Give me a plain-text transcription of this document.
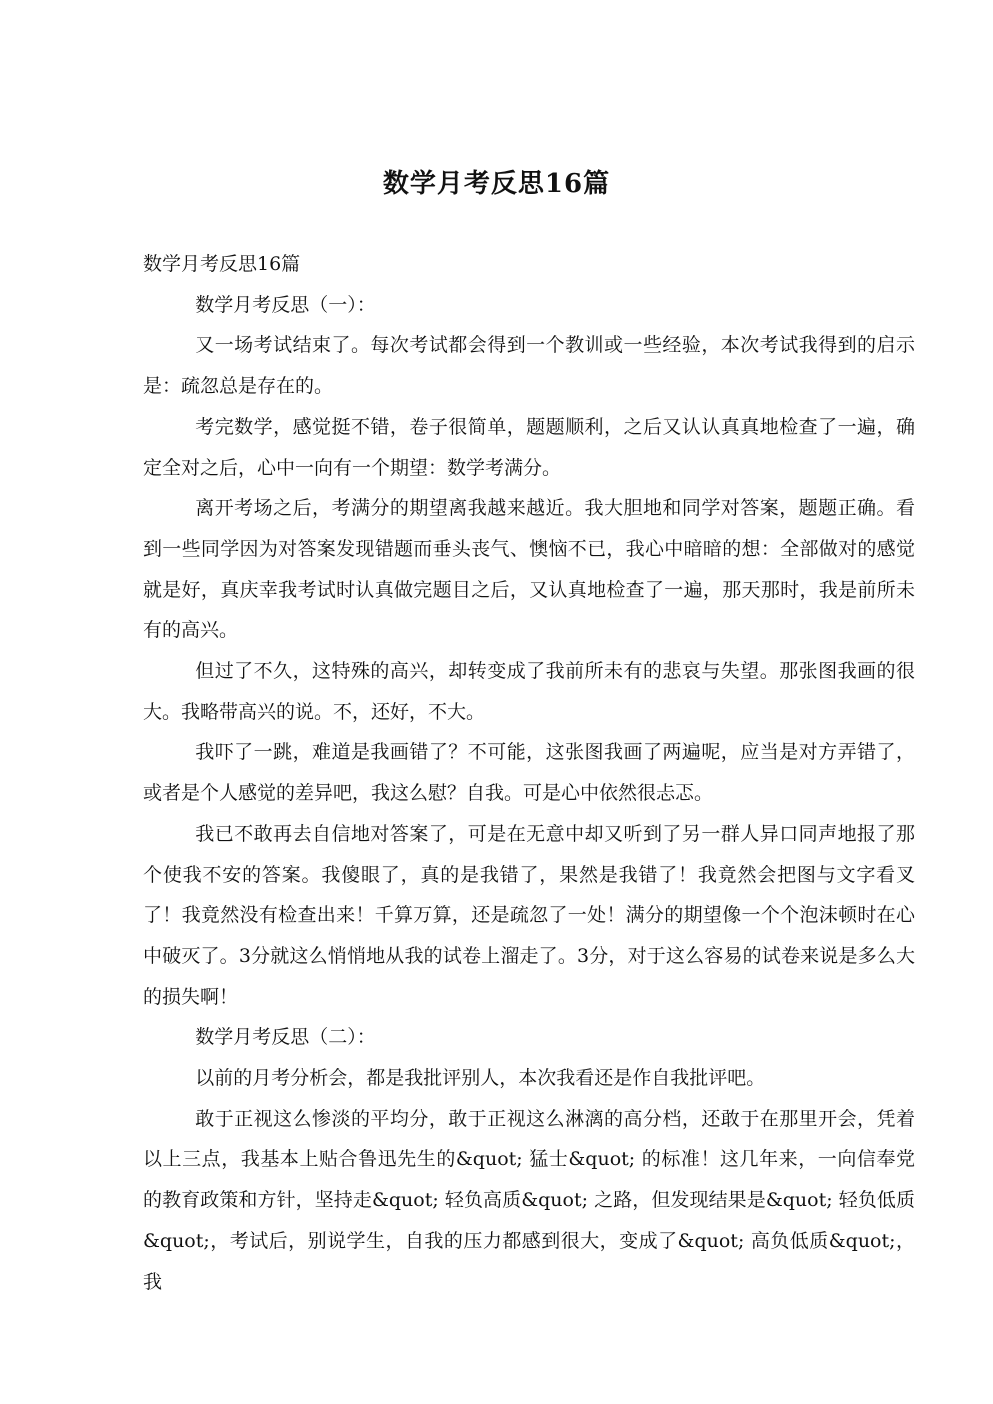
数学月考反思16篇

数学月考反思16篇

数学月考反思（一）：

又一场考试结束了。每次考试都会得到一个教训或一些经验，本次考试我得到的启示是：疏忽总是存在的。

考完数学，感觉挺不错，卷子很简单，题题顺利，之后又认认真真地检查了一遍，确定全对之后，心中一向有一个期望：数学考满分。

离开考场之后，考满分的期望离我越来越近。我大胆地和同学对答案，题题正确。看到一些同学因为对答案发现错题而垂头丧气、懊恼不已，我心中暗暗的想：全部做对的感觉就是好，真庆幸我考试时认真做完题目之后，又认真地检查了一遍，那天那时，我是前所未有的高兴。

但过了不久，这特殊的高兴，却转变成了我前所未有的悲哀与失望。那张图我画的很大。我略带高兴的说。不，还好，不大。

我吓了一跳，难道是我画错了？不可能，这张图我画了两遍呢，应当是对方弄错了，或者是个人感觉的差异吧，我这么慰？自我。可是心中依然很忐忑。

我已不敢再去自信地对答案了，可是在无意中却又听到了另一群人异口同声地报了那个使我不安的答案。我傻眼了，真的是我错了，果然是我错了！我竟然会把图与文字看叉了！我竟然没有检查出来！千算万算，还是疏忽了一处！满分的期望像一个个泡沫顿时在心中破灭了。3分就这么悄悄地从我的试卷上溜走了。3分，对于这么容易的试卷来说是多么大的损失啊！

数学月考反思（二）：

以前的月考分析会，都是我批评别人，本次我看还是作自我批评吧。

敢于正视这么惨淡的平均分，敢于正视这么淋漓的高分档，还敢于在那里开会，凭着以上三点，我基本上贴合鲁迅先生的&quot; 猛士&quot; 的标准！这几年来，一向信奉党的教育政策和方针，坚持走&quot; 轻负高质&quot; 之路，但发现结果是&quot; 轻负低质&quot;，考试后，别说学生，自我的压力都感到很大，变成了&quot; 高负低质&quot;，我
